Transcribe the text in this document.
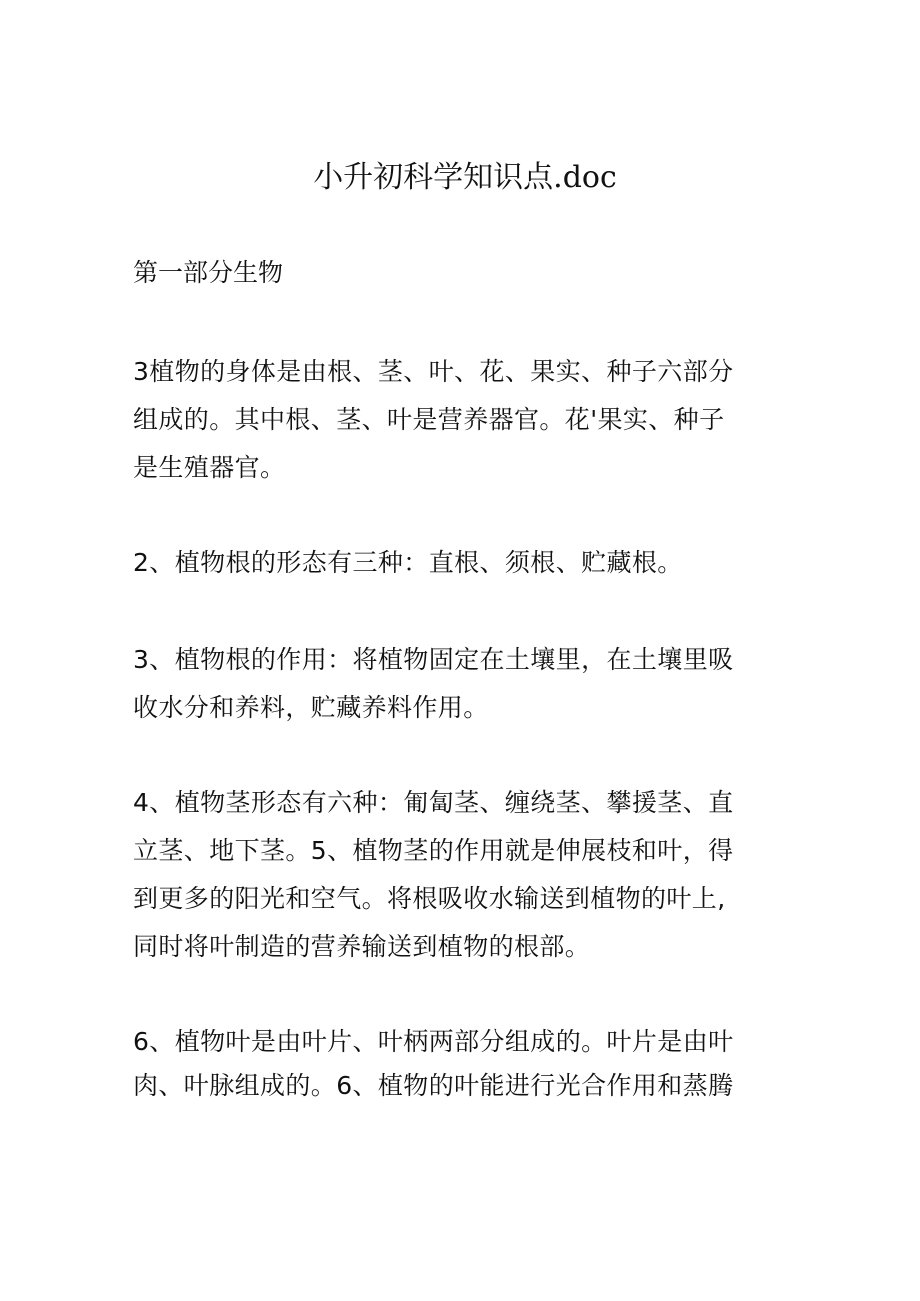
小升初科学知识点.doc
第一部分生物
3植物的身体是由根、茎、叶、花、果实、种子六部分
组成的。其中根、茎、叶是营养器官。花'果实、种子
是生殖器官。
2、植物根的形态有三种：直根、须根、贮藏根。
3、植物根的作用：将植物固定在土壤里，在土壤里吸
收水分和养料，贮藏养料作用。
4、植物茎形态有六种：匍匐茎、缠绕茎、攀援茎、直
立茎、地下茎。5、植物茎的作用就是伸展枝和叶，得
到更多的阳光和空气。将根吸收水输送到植物的叶上,
同时将叶制造的营养输送到植物的根部。
6、植物叶是由叶片、叶柄两部分组成的。叶片是由叶
肉、叶脉组成的。6、植物的叶能进行光合作用和蒸腾
